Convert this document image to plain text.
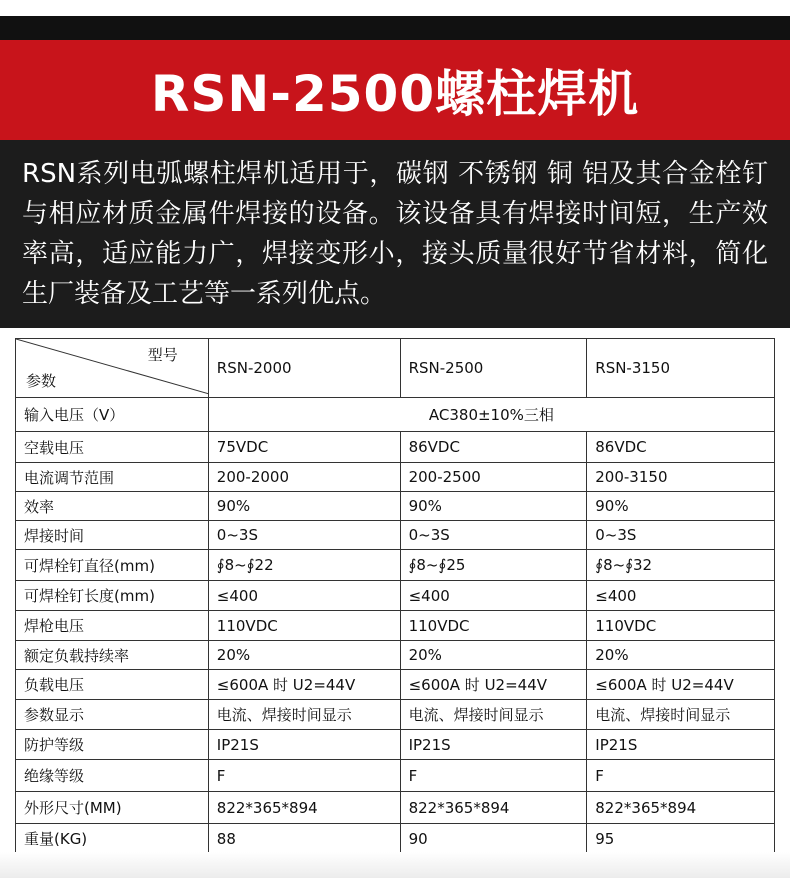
RSN-2500螺柱焊机

RSN系列电弧螺柱焊机适用于，碳钢 不锈钢 铜 铝及其合金栓钉与相应材质金属件焊接的设备。该设备具有焊接时间短，生产效率高，适应能力广，焊接变形小，接头质量很好节省材料，简化生厂装备及工艺等一系列优点。

型号
参数	RSN-2000	RSN-2500	RSN-3150
输入电压（V）	AC380±10%三相		
空载电压	75VDC	86VDC	86VDC
电流调节范围	200-2000	200-2500	200-3150
效率	90%	90%	90%
焊接时间	0~3S	0~3S	0~3S
可焊栓钉直径(mm)	∮8~∮22	∮8~∮25	∮8~∮32
可焊栓钉长度(mm)	≤400	≤400	≤400
焊枪电压	110VDC	110VDC	110VDC
额定负载持续率	20%	20%	20%
负载电压	≤600A 时 U2=44V	≤600A 时 U2=44V	≤600A 时 U2=44V
参数显示	电流、焊接时间显示	电流、焊接时间显示	电流、焊接时间显示
防护等级	IP21S	IP21S	IP21S
绝缘等级	F	F	F
外形尺寸(MM)	822*365*894	822*365*894	822*365*894
重量(KG)	88	90	95
